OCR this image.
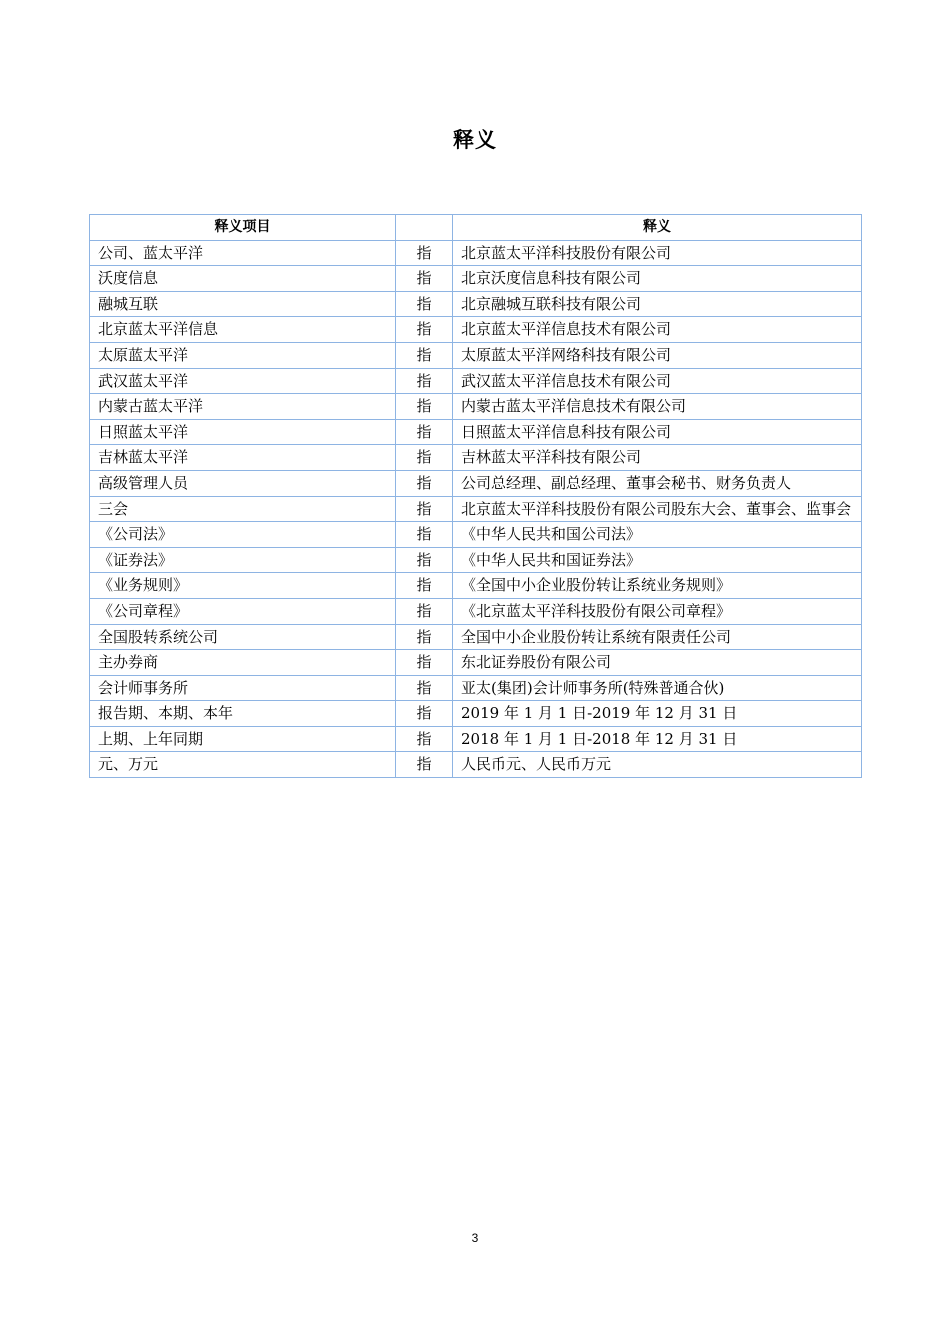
释义
释义项目		释义
公司、蓝太平洋	指	北京蓝太平洋科技股份有限公司
沃度信息	指	北京沃度信息科技有限公司
融城互联	指	北京融城互联科技有限公司
北京蓝太平洋信息	指	北京蓝太平洋信息技术有限公司
太原蓝太平洋	指	太原蓝太平洋网络科技有限公司
武汉蓝太平洋	指	武汉蓝太平洋信息技术有限公司
内蒙古蓝太平洋	指	内蒙古蓝太平洋信息技术有限公司
日照蓝太平洋	指	日照蓝太平洋信息科技有限公司
吉林蓝太平洋	指	吉林蓝太平洋科技有限公司
高级管理人员	指	公司总经理、副总经理、董事会秘书、财务负责人
三会	指	北京蓝太平洋科技股份有限公司股东大会、董事会、监事会
《公司法》	指	《中华人民共和国公司法》
《证券法》	指	《中华人民共和国证券法》
《业务规则》	指	《全国中小企业股份转让系统业务规则》
《公司章程》	指	《北京蓝太平洋科技股份有限公司章程》
全国股转系统公司	指	全国中小企业股份转让系统有限责任公司
主办券商	指	东北证券股份有限公司
会计师事务所	指	亚太(集团)会计师事务所(特殊普通合伙)
报告期、本期、本年	指	2019 年 1 月 1 日-2019 年 12 月 31 日
上期、上年同期	指	2018 年 1 月 1 日-2018 年 12 月 31 日
元、万元	指	人民币元、人民币万元
3
